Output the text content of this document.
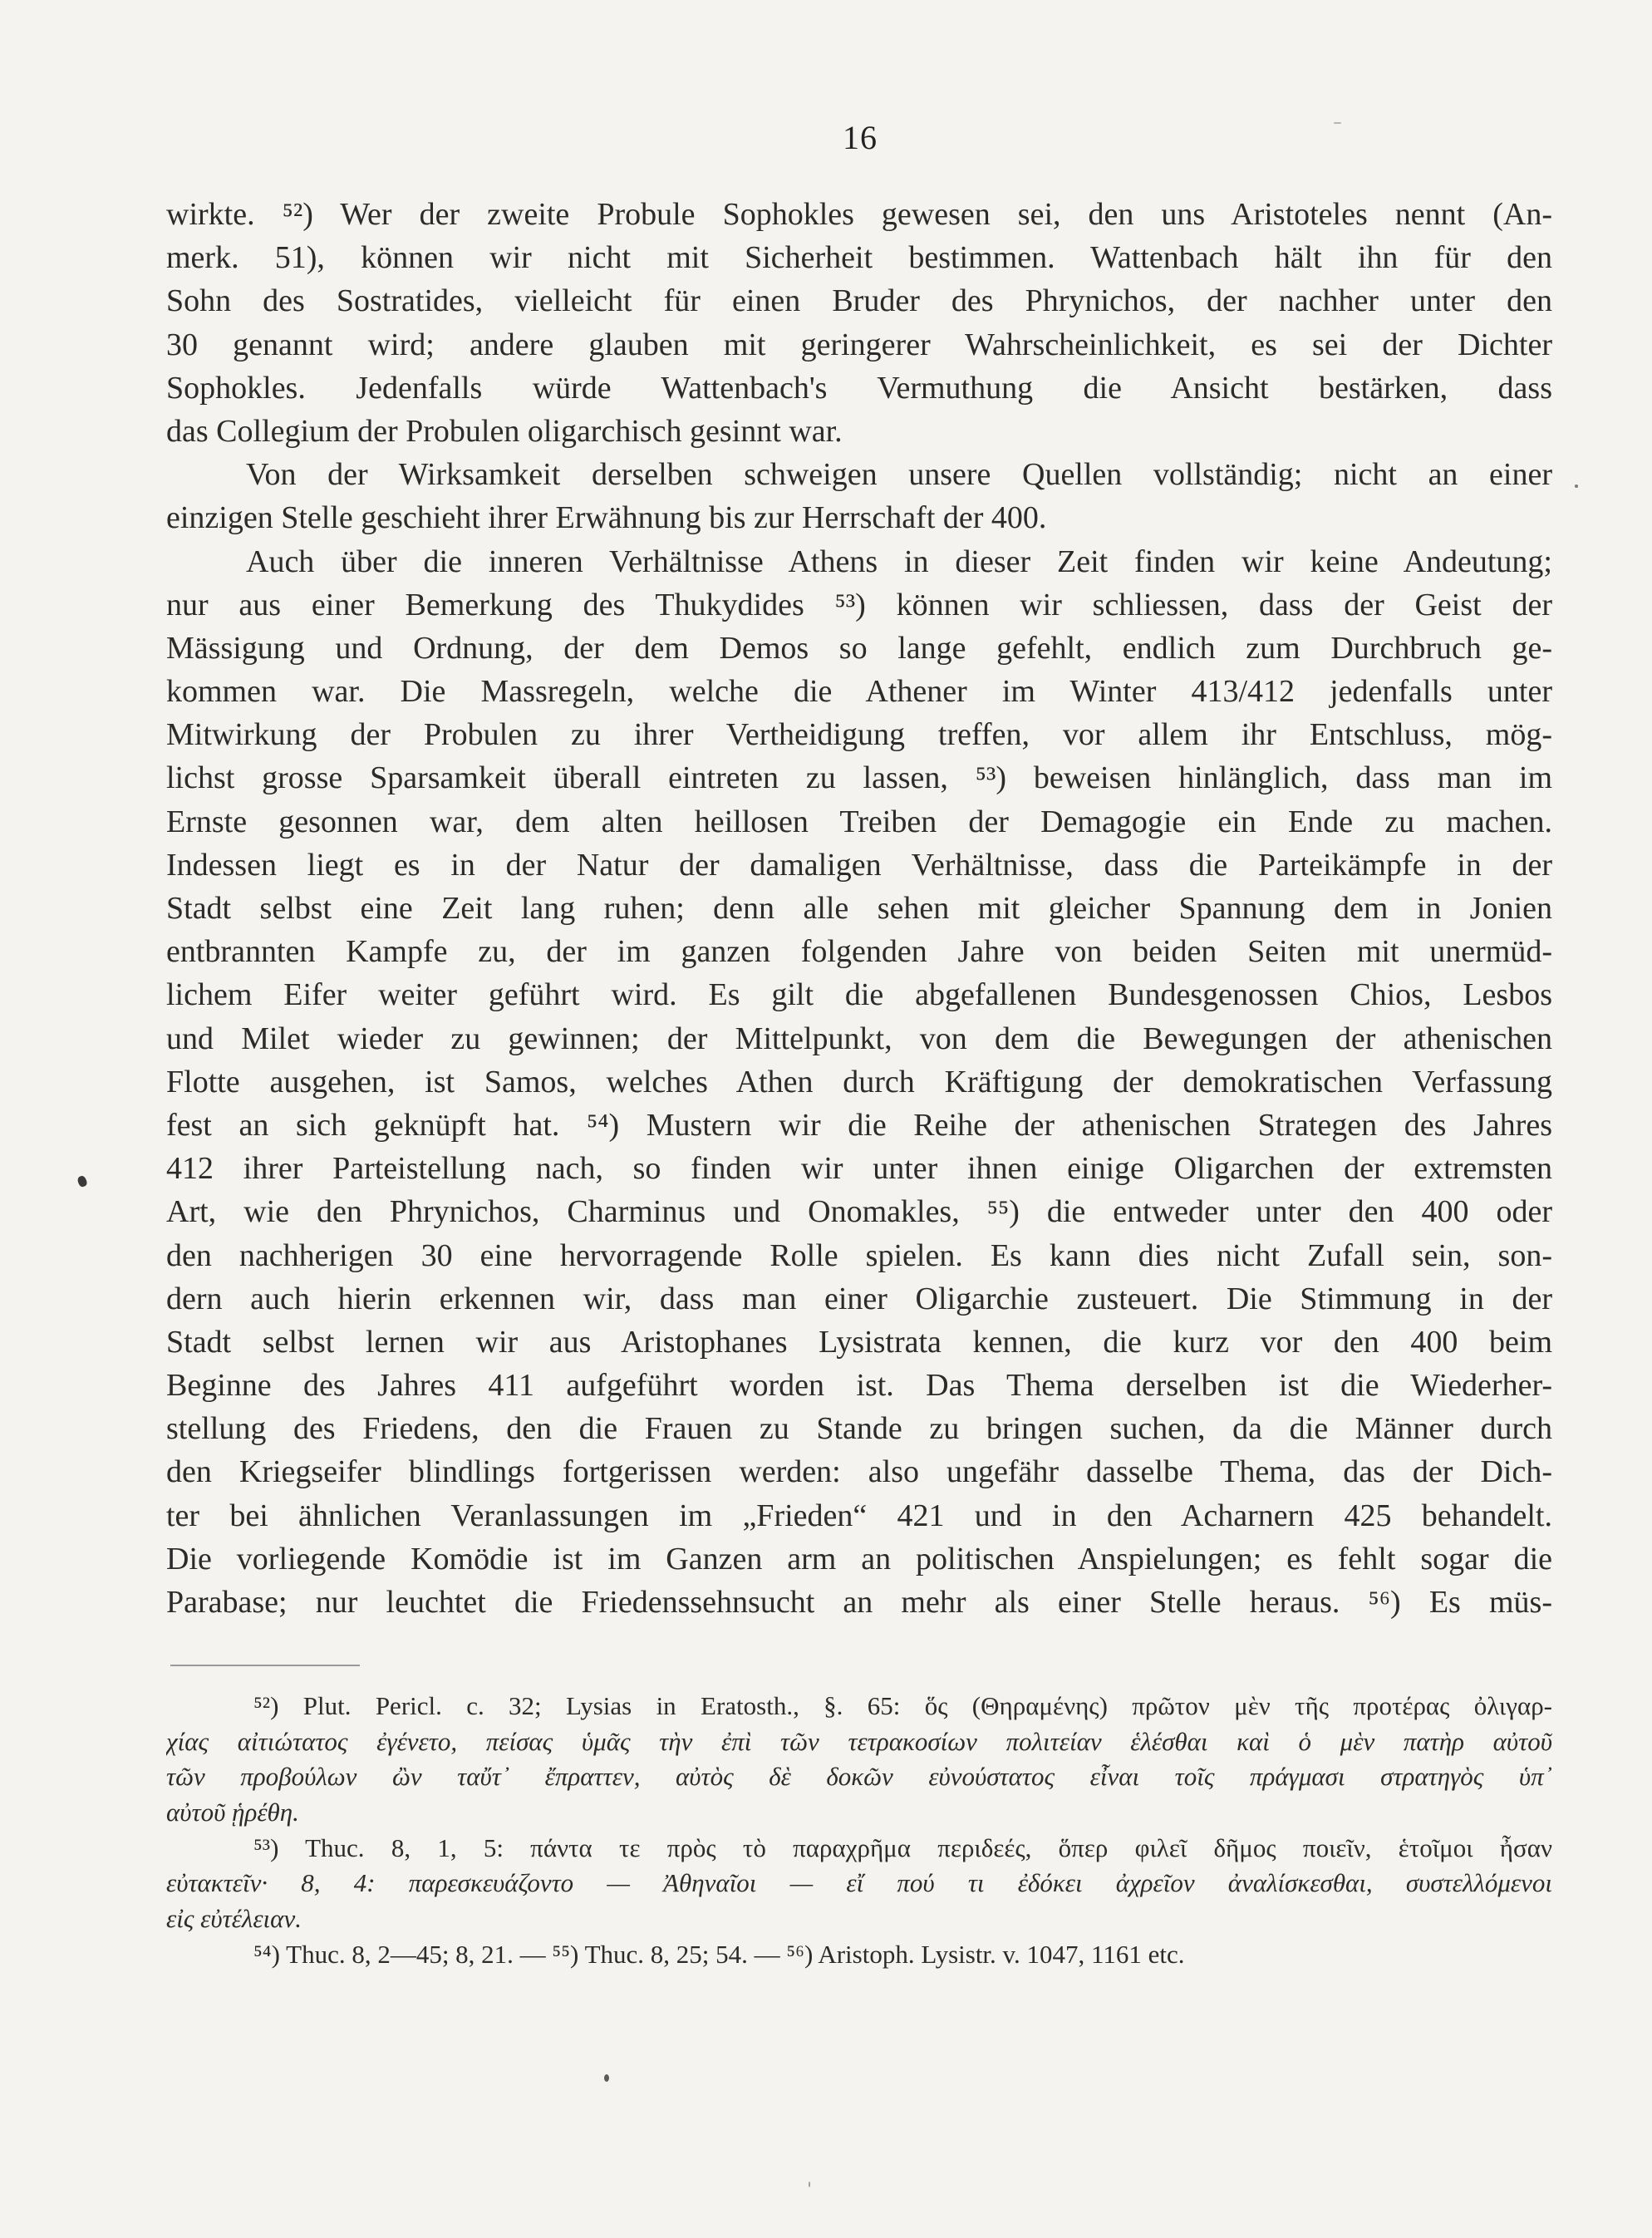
16
wirkte. ⁵²) Wer der zweite Probule Sophokles gewesen sei, den uns Aristoteles nennt (An-
merk. 51), können wir nicht mit Sicherheit bestimmen. Wattenbach hält ihn für den
Sohn des Sostratides, vielleicht für einen Bruder des Phrynichos, der nachher unter den
30 genannt wird; andere glauben mit geringerer Wahrscheinlichkeit, es sei der Dichter
Sophokles. Jedenfalls würde Wattenbach's Vermuthung die Ansicht bestärken, dass
das Collegium der Probulen oligarchisch gesinnt war.
Von der Wirksamkeit derselben schweigen unsere Quellen vollständig; nicht an einer
einzigen Stelle geschieht ihrer Erwähnung bis zur Herrschaft der 400.
Auch über die inneren Verhältnisse Athens in dieser Zeit finden wir keine Andeutung;
nur aus einer Bemerkung des Thukydides ⁵³) können wir schliessen, dass der Geist der
Mässigung und Ordnung, der dem Demos so lange gefehlt, endlich zum Durchbruch ge-
kommen war. Die Massregeln, welche die Athener im Winter 413/412 jedenfalls unter
Mitwirkung der Probulen zu ihrer Vertheidigung treffen, vor allem ihr Entschluss, mög-
lichst grosse Sparsamkeit überall eintreten zu lassen, ⁵³) beweisen hinlänglich, dass man im
Ernste gesonnen war, dem alten heillosen Treiben der Demagogie ein Ende zu machen.
Indessen liegt es in der Natur der damaligen Verhältnisse, dass die Parteikämpfe in der
Stadt selbst eine Zeit lang ruhen; denn alle sehen mit gleicher Spannung dem in Jonien
entbrannten Kampfe zu, der im ganzen folgenden Jahre von beiden Seiten mit unermüd-
lichem Eifer weiter geführt wird. Es gilt die abgefallenen Bundesgenossen Chios, Lesbos
und Milet wieder zu gewinnen; der Mittelpunkt, von dem die Bewegungen der athenischen
Flotte ausgehen, ist Samos, welches Athen durch Kräftigung der demokratischen Verfassung
fest an sich geknüpft hat. ⁵⁴) Mustern wir die Reihe der athenischen Strategen des Jahres
412 ihrer Parteistellung nach, so finden wir unter ihnen einige Oligarchen der extremsten
Art, wie den Phrynichos, Charminus und Onomakles, ⁵⁵) die entweder unter den 400 oder
den nachherigen 30 eine hervorragende Rolle spielen. Es kann dies nicht Zufall sein, son-
dern auch hierin erkennen wir, dass man einer Oligarchie zusteuert. Die Stimmung in der
Stadt selbst lernen wir aus Aristophanes Lysistrata kennen, die kurz vor den 400 beim
Beginne des Jahres 411 aufgeführt worden ist. Das Thema derselben ist die Wiederher-
stellung des Friedens, den die Frauen zu Stande zu bringen suchen, da die Männer durch
den Kriegseifer blindlings fortgerissen werden: also ungefähr dasselbe Thema, das der Dich-
ter bei ähnlichen Veranlassungen im „Frieden“ 421 und in den Acharnern 425 behandelt.
Die vorliegende Komödie ist im Ganzen arm an politischen Anspielungen; es fehlt sogar die
Parabase; nur leuchtet die Friedenssehnsucht an mehr als einer Stelle heraus. ⁵⁶) Es müs-
⁵²) Plut. Pericl. c. 32; Lysias in Eratosth., §. 65: ὅς (Θηραμένης) πρῶτον μὲν τῆς προτέρας ὀλιγαρ-
χίας αἰτιώτατος ἐγένετο, πείσας ὑμᾶς τὴν ἐπὶ τῶν τετρακοσίων πολιτείαν ἑλέσθαι καὶ ὁ μὲν πατὴρ αὐτοῦ
τῶν προβούλων ὢν ταὔτ᾽ ἔπραττεν, αὐτὸς δὲ δοκῶν εὐνούστατος εἶναι τοῖς πράγμασι στρατηγὸς ὑπ᾽
αὐτοῦ ᾑρέθη.
⁵³) Thuc. 8, 1, 5: πάντα τε πρὸς τὸ παραχρῆμα περιδεές, ὅπερ φιλεῖ δῆμος ποιεῖν, ἑτοῖμοι ἦσαν
εὐτακτεῖν· 8, 4: παρεσκευάζοντο — Ἀθηναῖοι — εἴ πού τι ἐδόκει ἀχρεῖον ἀναλίσκεσθαι, συστελλόμενοι
εἰς εὐτέλειαν.
⁵⁴) Thuc. 8, 2—45; 8, 21. — ⁵⁵) Thuc. 8, 25; 54. — ⁵⁶) Aristoph. Lysistr. v. 1047, 1161 etc.
